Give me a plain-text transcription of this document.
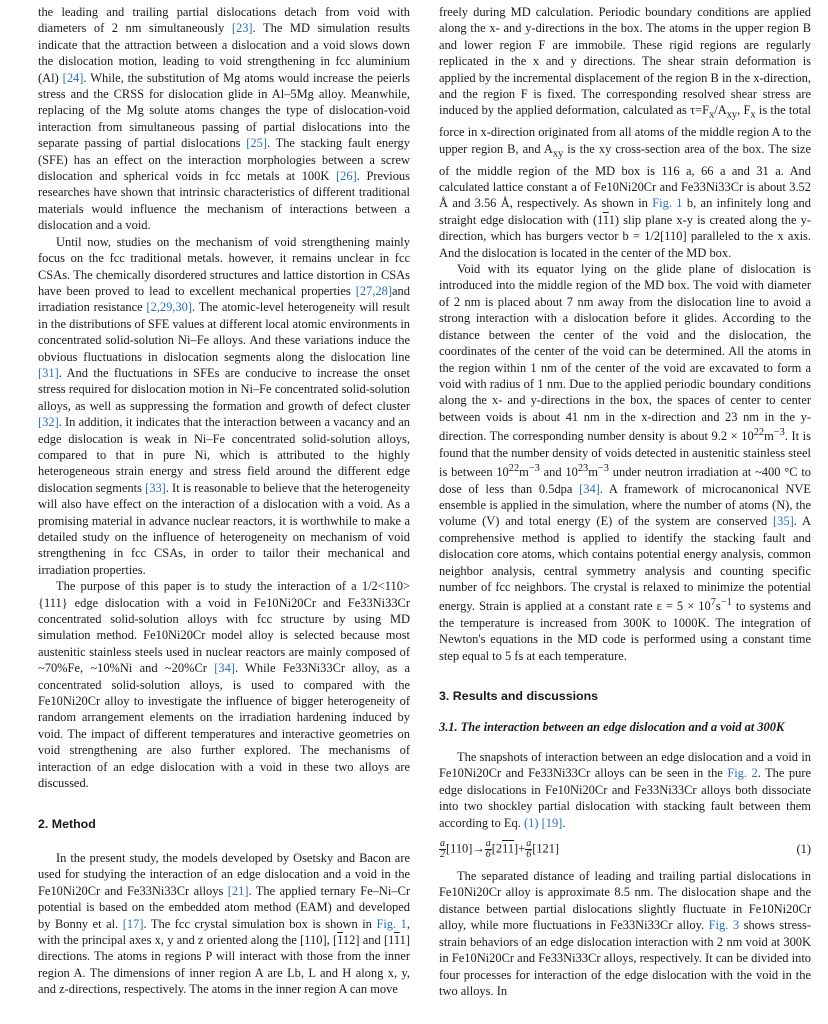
the leading and trailing partial dislocations detach from void with diameters of 2 nm simultaneously [23]. The MD simulation results indicate that the attraction between a dislocation and a void slows down the dislocation motion, leading to void strengthening in fcc aluminium (Al) [24]. While, the substitution of Mg atoms would increase the peierls stress and the CRSS for dislocation glide in Al–5Mg alloy. Meanwhile, replacing of the Mg solute atoms changes the type of dislocation-void interaction from simultaneous passing of partial dislocations into the separate passing of partial dislocations [25]. The stacking fault energy (SFE) has an effect on the interaction morphologies between a screw dislocation and spherical voids in fcc metals at 100K [26]. Previous researches have shown that intrinsic characteristics of different traditional materials would influence the mechanism of interactions between a dislocation and a void.

Until now, studies on the mechanism of void strengthening mainly focus on the fcc traditional metals. however, it remains unclear in fcc CSAs. The chemically disordered structures and lattice distortion in CSAs have been proved to lead to excellent mechanical properties [27,28]and irradiation resistance [2,29,30]. The atomic-level heterogeneity will result in the distributions of SFE values at different local atomic environments in concentrated solid-solution Ni–Fe alloys. And these variations induce the obvious fluctuations in dislocation segments along the dislocation line [31]. And the fluctuations in SFEs are conducive to increase the onset stress required for dislocation motion in Ni–Fe concentrated solid-solution alloys, as well as suppressing the formation and growth of defect cluster [32]. In addition, it indicates that the interaction between a vacancy and an edge dislocation is weak in Ni–Fe concentrated solid-solution alloys, compared to that in pure Ni, which is attributed to the highly heterogeneous strain energy and stress field around the different edge dislocation segments [33]. It is reasonable to believe that the heterogeneity will also have effect on the interaction of a dislocation with a void. As a promising material in advance nuclear reactors, it is worthwhile to make a detailed study on the influence of heterogeneity on mechanism of void strengthening in fcc CSAs, in order to tailor their mechanical and irradiation properties.

The purpose of this paper is to study the interaction of a 1/2<110>{111} edge dislocation with a void in Fe10Ni20Cr and Fe33Ni33Cr concentrated solid-solution alloys with fcc structure by using MD simulation method. Fe10Ni20Cr model alloy is selected because most austenitic stainless steels used in nuclear reactors are mainly composed of ~70%Fe, ~10%Ni and ~20%Cr [34]. While Fe33Ni33Cr alloy, as a concentrated solid-solution alloys, is used to compared with the Fe10Ni20Cr alloy to investigate the influence of bigger heterogeneity of random arrangement elements on the irradiation hardening induced by void. The impact of different temperatures and interactive geometries on void strengthening are also further explored. The mechanisms of interaction of an edge dislocation with a void in these two alloys are discussed.

2. Method

In the present study, the models developed by Osetsky and Bacon are used for studying the interaction of an edge dislocation and a void in the Fe10Ni20Cr and Fe33Ni33Cr alloys [21]. The applied ternary Fe–Ni–Cr potential is based on the embedded atom method (EAM) and developed by Bonny et al. [17]. The fcc crystal simulation box is shown in Fig. 1, with the principal axes x, y and z oriented along the [110], [112] and [111] directions. The atoms in regions P will interact with those from the inner region A. The dimensions of inner region A are Lb, L and H along x, y, and z-directions, respectively. The atoms in the inner region A can move

freely during MD calculation. Periodic boundary conditions are applied along the x- and y-directions in the box. The atoms in the upper region B and lower region F are immobile. These rigid regions are regularly replicated in the x and y directions. The shear strain deformation is applied by the incremental displacement of the region B in the x-direction, and the region F is fixed. The corresponding resolved shear stress are induced by the applied deformation, calculated as $\tau=F_x/A_{xy}$, $F_x$ is the total force in x-direction originated from all atoms of the middle region A to the upper region B, and $A_{xy}$ is the xy cross-section area of the box. The size of the middle region of the MD box is 116 a, 66 a and 31 a. And calculated lattice constant a of Fe10Ni20Cr and Fe33Ni33Cr is about 3.52 Å and 3.56 Å, respectively. As shown in Fig. 1 b, an infinitely long and straight edge dislocation with (111) slip plane x-y is created along the y-direction, which has burgers vector b = 1/2[110] paralleled to the x axis. And the dislocation is located in the center of the MD box.

Void with its equator lying on the glide plane of dislocation is introduced into the middle region of the MD box. The void with diameter of 2 nm is placed about 7 nm away from the dislocation line to avoid a strong interaction with a dislocation before it glides. According to the distance between the center of the void and the dislocation, the coordinates of the center of the void can be determined. All the atoms in the region within 1 nm of the center of the void are excavated to form a void with radius of 1 nm. Due to the applied periodic boundary conditions along the x- and y-directions in the box, the spaces of center to center between voids is about 41 nm in the x-direction and 23 nm in the y-direction. The corresponding number density is about $9.2 \times 10^{22}m^{-3}$. It is found that the number density of voids detected in austenitic stainless steel is between $10^{22}m^{-3}$ and $10^{23}m^{-3}$ under neutron irradiation at ~400 °C to dose of less than 0.5dpa [34]. A framework of microcanonical NVE ensemble is applied in the simulation, where the number of atoms (N), the volume (V) and total energy (E) of the system are conserved [35]. A comprehensive method is applied to identify the stacking fault and dislocation core atoms, which contains potential energy analysis, common neighbor analysis, central symmetry analysis and counting specific number of fcc neighbors. The crystal is relaxed to minimize the potential energy. Strain is applied at a constant rate $\varepsilon = 5 \times 10^7s^{-1}$ to systems and the temperature is increased from 300K to 1000K. The integration of Newton's equations in the MD code is performed using a constant time step equal to 5 fs at each temperature.

3. Results and discussions
3.1. The interaction between an edge dislocation and a void at 300K

The snapshots of interaction between an edge dislocation and a void in Fe10Ni20Cr and Fe33Ni33Cr alloys can be seen in the Fig. 2. The pure edge dislocations in Fe10Ni20Cr and Fe33Ni33Cr alloys both dissociate into two shockley partial dislocation with stacking fault between them according to Eq. (1) [19].

$\frac{a}{2} [110]\to \frac{a}{6} [211]+ \frac{a}{6} [121]$	(1)

The separated distance of leading and trailing partial dislocations in Fe10Ni20Cr alloy is approximate 8.5 nm. The dislocation shape and the distance between partial dislocations slightly fluctuate in Fe10Ni20Cr alloy, while more fluctuations in Fe33Ni33Cr alloy. Fig. 3 shows stress-strain behaviors of an edge dislocation interaction with 2 nm void at 300K in Fe10Ni20Cr and Fe33Ni33Cr alloys, respectively. It can be divided into four processes for interaction of the edge dislocation with the void in the two alloys. In
